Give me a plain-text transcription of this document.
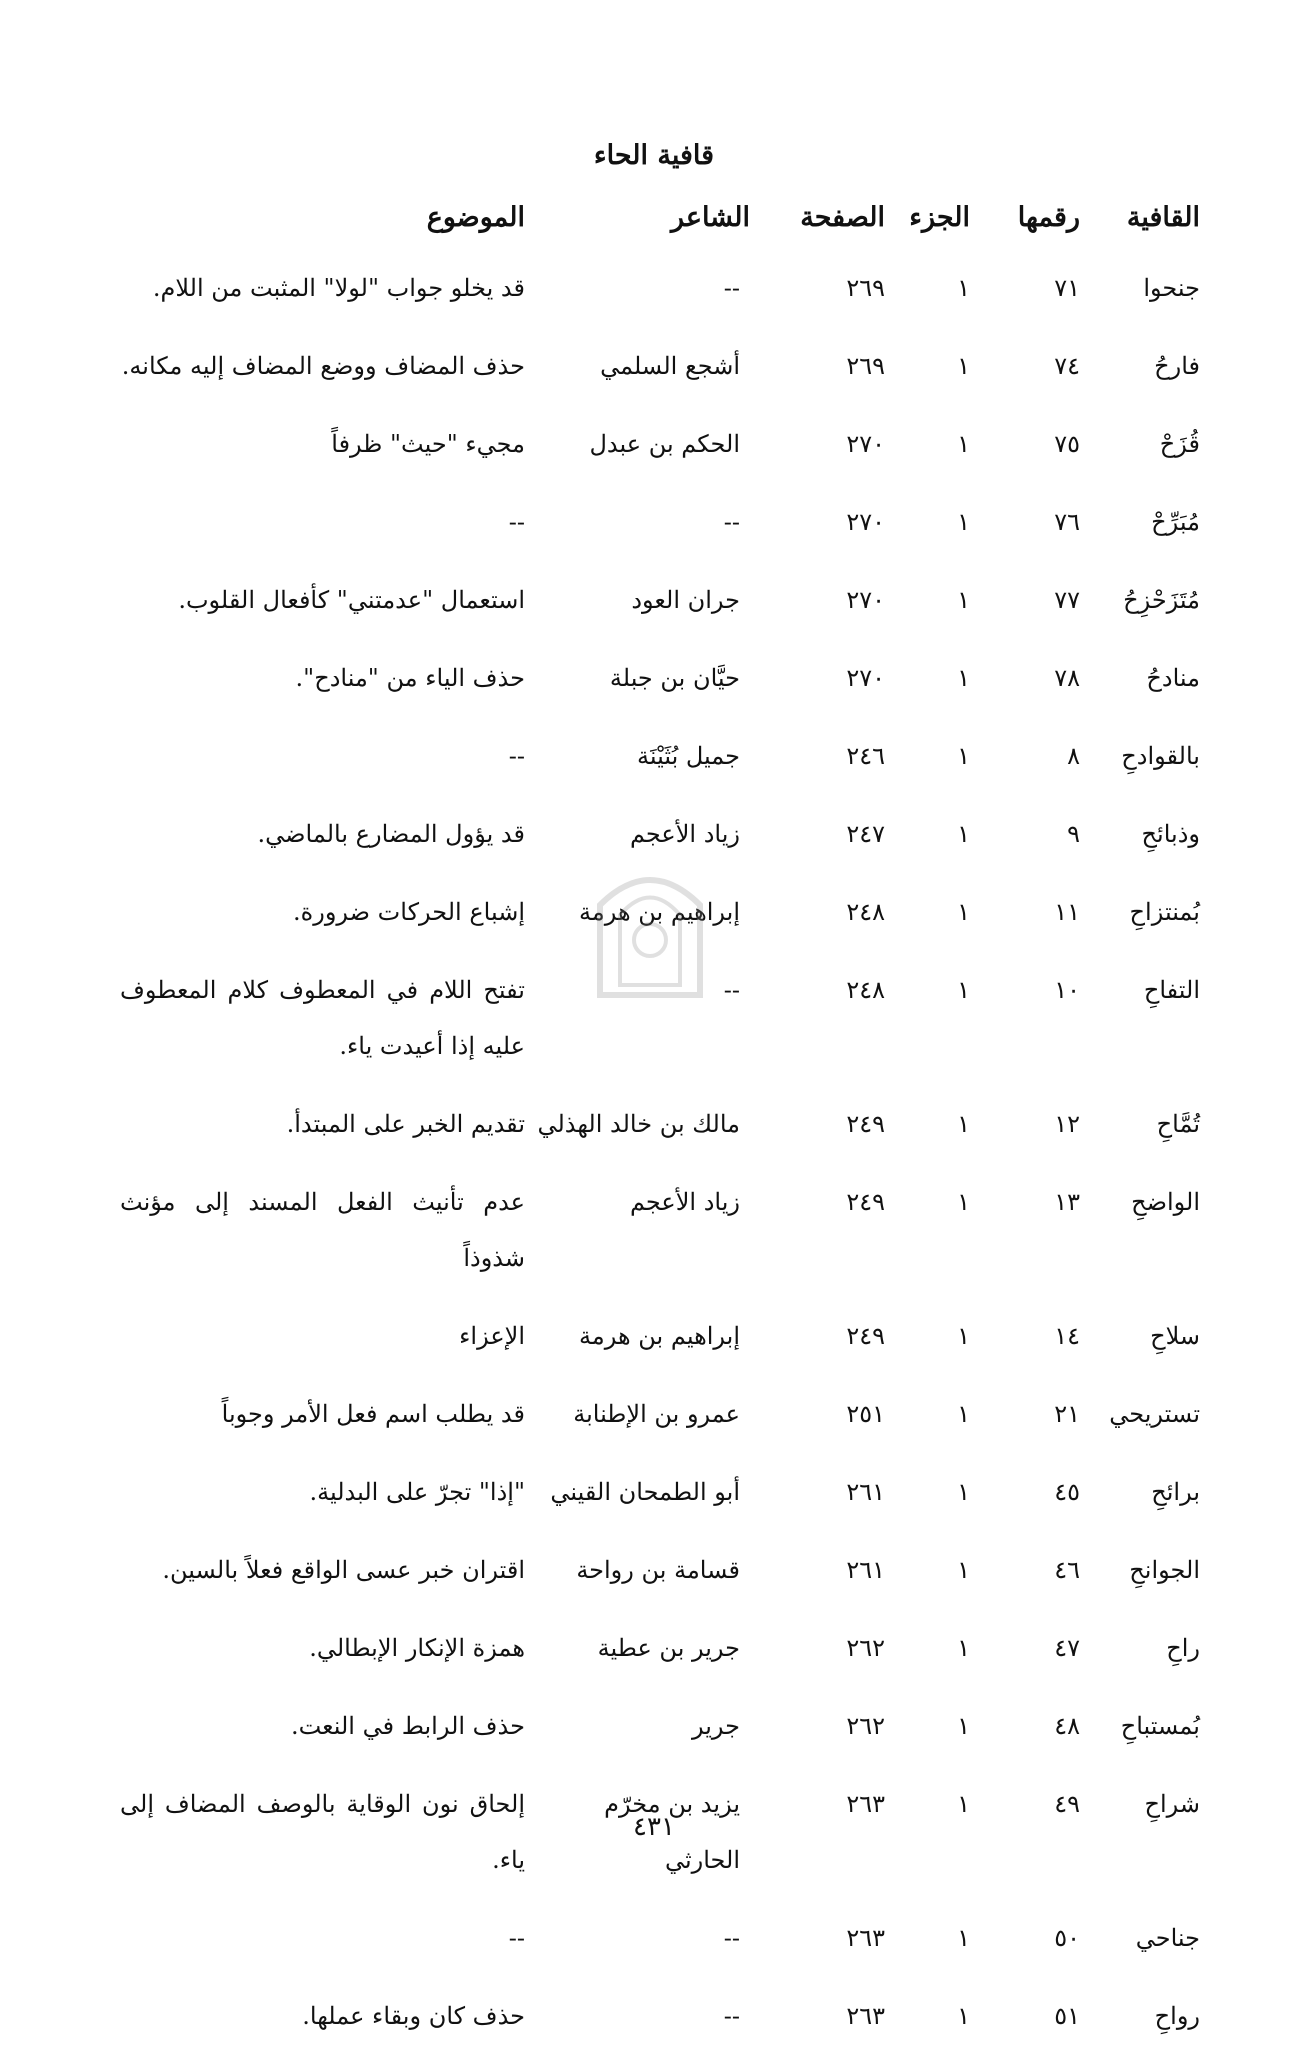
قافية الحاء
القافية	رقمها	الجزء	الصفحة	الشاعر	الموضوع
جنحوا	٧١	١	٢٦٩	--	قد يخلو جواب "لولا" المثبت من اللام.
فارحُ	٧٤	١	٢٦٩	أشجع السلمي	حذف المضاف ووضع المضاف إليه مكانه.
قُزَحْ	٧٥	١	٢٧٠	الحكم بن عبدل	مجيء "حيث" ظرفاً
مُبَرِّحْ	٧٦	١	٢٧٠	--	--
مُتَزَحْزِحُ	٧٧	١	٢٧٠	جران العود	استعمال "عدمتني" كأفعال القلوب.
منادحُ	٧٨	١	٢٧٠	حيَّان بن جبلة	حذف الياء من "منادح".
بالقوادحِ	٨	١	٢٤٦	جميل بُثَيْنَة	--
وذبائحِ	٩	١	٢٤٧	زياد الأعجم	قد يؤول المضارع بالماضي.
بُمنتزاحِ	١١	١	٢٤٨	إبراهيم بن هرمة	إشباع الحركات ضرورة.
التفاحِ	١٠	١	٢٤٨	--	تفتح اللام في المعطوف كلام المعطوف عليه إذا أعيدت ياء.
تُمَّاحِ	١٢	١	٢٤٩	مالك بن خالد الهذلي	تقديم الخبر على المبتدأ.
الواضحِ	١٣	١	٢٤٩	زياد الأعجم	عدم تأنيث الفعل المسند إلى مؤنث شذوذاً
سلاحِ	١٤	١	٢٤٩	إبراهيم بن هرمة	الإعزاء
تستريحي	٢١	١	٢٥١	عمرو بن الإطنابة	قد يطلب اسم فعل الأمر وجوباً
برائحِ	٤٥	١	٢٦١	أبو الطمحان القيني	"إذا" تجرّ على البدلية.
الجوانحِ	٤٦	١	٢٦١	قسامة بن رواحة	اقتران خبر عسى الواقع فعلاً بالسين.
راحِ	٤٧	١	٢٦٢	جرير بن عطية	همزة الإنكار الإبطالي.
بُمستباحِ	٤٨	١	٢٦٢	جرير	حذف الرابط في النعت.
شراحِ	٤٩	١	٢٦٣	يزيد بن مخرّم الحارثي	إلحاق نون الوقاية بالوصف المضاف إلى ياء.
جناحي	٥٠	١	٢٦٣	--	--
رواحِ	٥١	١	٢٦٣	--	حذف كان وبقاء عملها.
٤٣١
